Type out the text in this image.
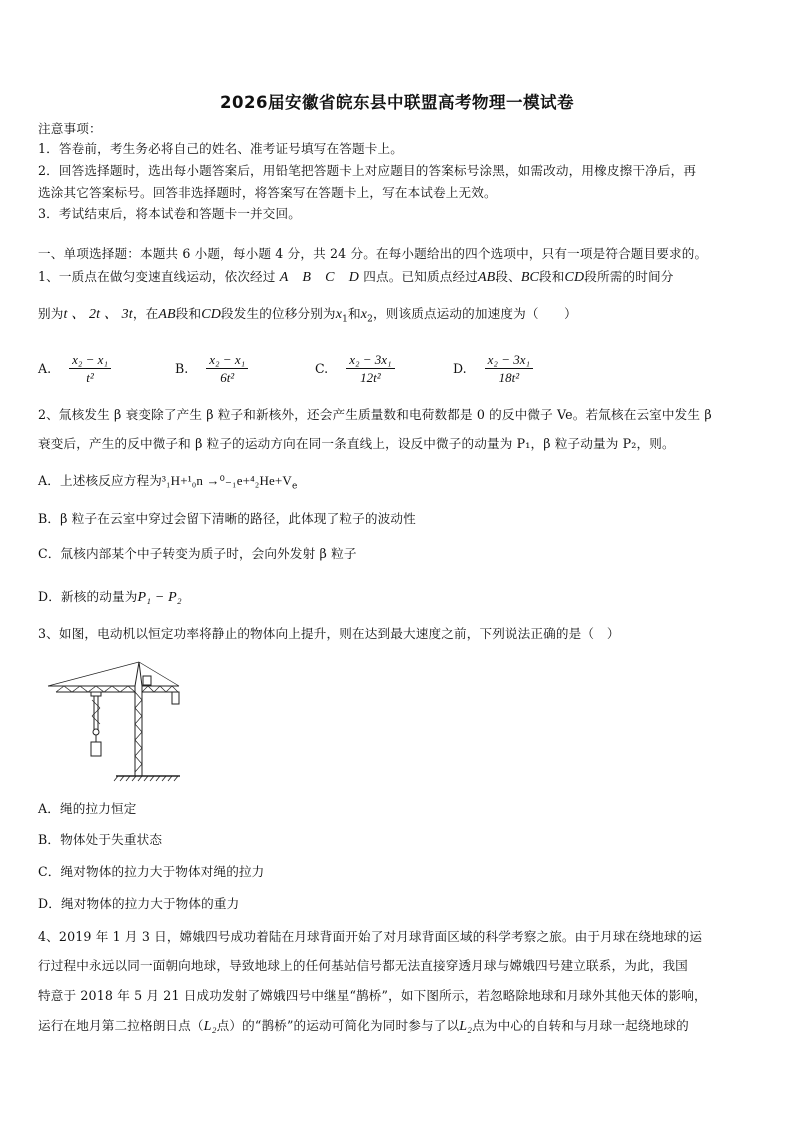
2026届安徽省皖东县中联盟高考物理一模试卷
注意事项：
1．答卷前，考生务必将自己的姓名、准考证号填写在答题卡上。
2．回答选择题时，选出每小题答案后，用铅笔把答题卡上对应题目的答案标号涂黑，如需改动，用橡皮擦干净后，再
选涂其它答案标号。回答非选择题时，将答案写在答题卡上，写在本试卷上无效。
3．考试结束后，将本试卷和答题卡一并交回。
一、单项选择题：本题共 6 小题，每小题 4 分，共 24 分。在每小题给出的四个选项中，只有一项是符合题目要求的。
1、一质点在做匀变速直线运动，依次经过 A　B　C　D 四点。已知质点经过AB段、BC段和CD段所需的时间分
别为t 、 2t 、 3t，在AB段和CD段发生的位移分别为$x_1$和$x_2$，则该质点运动的加速度为（　　）
A. $\frac{\text{x₂ − x₁}}{\text{t²}}$	B. $\frac{\text{x₂ − x₁}}{\text{6t²}}$	C. $\frac{\text{x₂ − 3x₁}}{\text{12t²}}$	D. $\frac{\text{x₂ − 3x₁}}{\text{18t²}}$
2、氚核发生 β 衰变除了产生 β 粒子和新核外，还会产生质量数和电荷数都是 0 的反中微子 Ve。若氚核在云室中发生 β
衰变后，产生的反中微子和 β 粒子的运动方向在同一条直线上，设反中微子的动量为 P₁，β 粒子动量为 P₂，则。
A．上述核反应方程为$^3_1H+^1_0n \to^0_{-1}e+^4_2He+V_e$
B．β 粒子在云室中穿过会留下清晰的路径，此体现了粒子的波动性
C．氚核内部某个中子转变为质子时，会向外发射 β 粒子
D．新核的动量为P₁ − P₂
3、如图，电动机以恒定功率将静止的物体向上提升，则在达到最大速度之前，下列说法正确的是（　）
A．绳的拉力恒定
B．物体处于失重状态
C．绳对物体的拉力大于物体对绳的拉力
D．绳对物体的拉力大于物体的重力
4、2019 年 1 月 3 日，嫦娥四号成功着陆在月球背面开始了对月球背面区域的科学考察之旅。由于月球在绕地球的运
行过程中永远以同一面朝向地球，导致地球上的任何基站信号都无法直接穿透月球与嫦娥四号建立联系，为此，我国
特意于 2018 年 5 月 21 日成功发射了嫦娥四号中继星“鹊桥”，如下图所示，若忽略除地球和月球外其他天体的影响，
运行在地月第二拉格朗日点（L₂点）的“鹊桥”的运动可简化为同时参与了以L₂点为中心的自转和与月球一起绕地球的
